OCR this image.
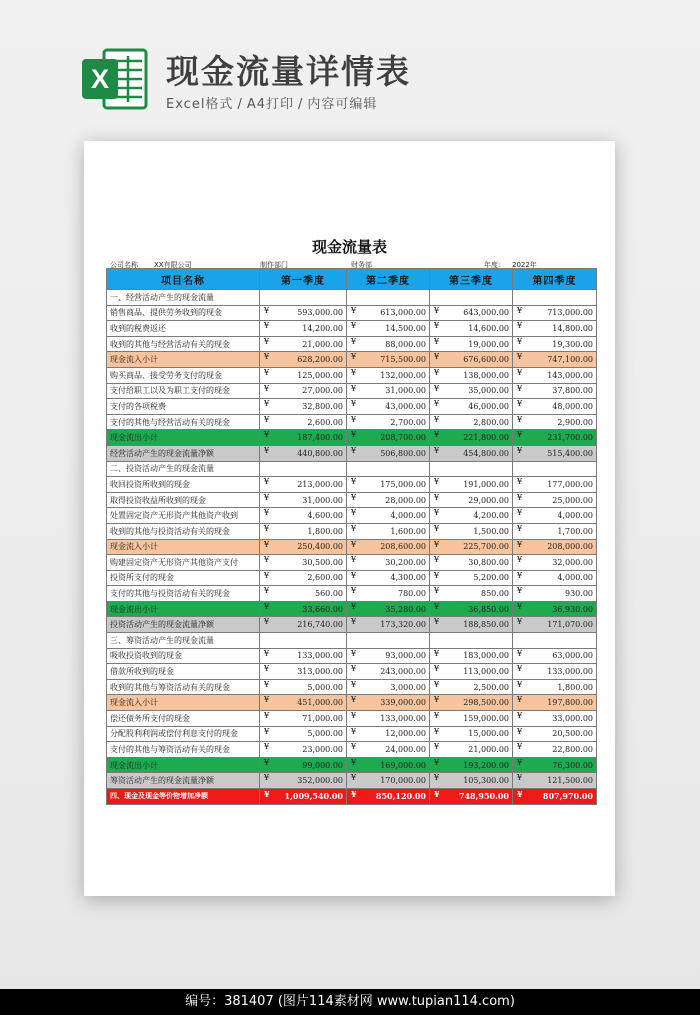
X 现金流量详情表
Excel格式 / A4打印 / 内容可编辑
现金流量表
公司名称 XX有限公司	制作部门	财务部	年度: 2022年
项目名称	第一季度	第二季度	第三季度	第四季度
一、经营活动产生的现金流量				
销售商品、提供劳务收到的现金	¥ 593,000.00	¥ 613,000.00	¥ 643,000.00	¥ 713,000.00
收到的税费返还	¥ 14,200.00	¥ 14,500.00	¥ 14,600.00	¥ 14,800.00
收到的其他与经营活动有关的现金	¥ 21,000.00	¥ 88,000.00	¥ 19,000.00	¥ 19,300.00
现金流入小计	¥ 628,200.00	¥ 715,500.00	¥ 676,600.00	¥ 747,100.00
购买商品、接受劳务支付的现金	¥ 125,000.00	¥ 132,000.00	¥ 138,000.00	¥ 143,000.00
支付给职工以及为职工支付的现金	¥ 27,000.00	¥ 31,000.00	¥ 35,000.00	¥ 37,800.00
支付的各项税费	¥ 32,800.00	¥ 43,000.00	¥ 46,000.00	¥ 48,000.00
支付的其他与经营活动有关的现金	¥ 2,600.00	¥ 2,700.00	¥ 2,800.00	¥ 2,900.00
现金流出小计	¥ 187,400.00	¥ 208,700.00	¥ 221,800.00	¥ 231,700.00
经营活动产生的现金流量净额	¥ 440,800.00	¥ 506,800.00	¥ 454,800.00	¥ 515,400.00
二、投资活动产生的现金流量				
收回投资所收到的现金	¥ 213,000.00	¥ 175,000.00	¥ 191,000.00	¥ 177,000.00
取得投资收益所收到的现金	¥ 31,000.00	¥ 28,000.00	¥ 29,000.00	¥ 25,000.00
处置固定资产无形资产其他资产收到	¥ 4,600.00	¥ 4,000.00	¥ 4,200.00	¥ 4,000.00
收到的其他与投资活动有关的现金	¥ 1,800.00	¥ 1,600.00	¥ 1,500.00	¥ 1,700.00
现金流入小计	¥ 250,400.00	¥ 208,600.00	¥ 225,700.00	¥ 208,000.00
购建固定资产无形资产其他资产支付	¥ 30,500.00	¥ 30,200.00	¥ 30,800.00	¥ 32,000.00
投资所支付的现金	¥ 2,600.00	¥ 4,300.00	¥ 5,200.00	¥ 4,000.00
支付的其他与投资活动有关的现金	¥ 560.00	¥ 780.00	¥ 850.00	¥ 930.00
现金流出小计	¥ 33,660.00	¥ 35,280.00	¥ 36,850.00	¥ 36,930.00
投资活动产生的现金流量净额	¥ 216,740.00	¥ 173,320.00	¥ 188,850.00	¥ 171,070.00
三、筹资活动产生的现金流量				
吸收投资收到的现金	¥ 133,000.00	¥ 93,000.00	¥ 183,000.00	¥ 63,000.00
借款所收到的现金	¥ 313,000.00	¥ 243,000.00	¥ 113,000.00	¥ 133,000.00
收到的其他与筹资活动有关的现金	¥ 5,000.00	¥ 3,000.00	¥ 2,500.00	¥ 1,800.00
现金流入小计	¥ 451,000.00	¥ 339,000.00	¥ 298,500.00	¥ 197,800.00
偿还债务所支付的现金	¥ 71,000.00	¥ 133,000.00	¥ 159,000.00	¥ 33,000.00
分配股利利润或偿付利息支付的现金	¥ 5,000.00	¥ 12,000.00	¥ 15,000.00	¥ 20,500.00
支付的其他与筹资活动有关的现金	¥ 23,000.00	¥ 24,000.00	¥ 21,000.00	¥ 22,800.00
现金流出小计	¥ 99,000.00	¥ 169,000.00	¥ 193,200.00	¥ 76,300.00
筹资活动产生的现金流量净额	¥ 352,000.00	¥ 170,000.00	¥ 105,300.00	¥ 121,500.00
四、现金及现金等价物增加净额	¥ 1,009,540.00	¥ 850,120.00	¥ 748,950.00	¥ 807,970.00
编号：381407 (图片114素材网 www.tupian114.com)
